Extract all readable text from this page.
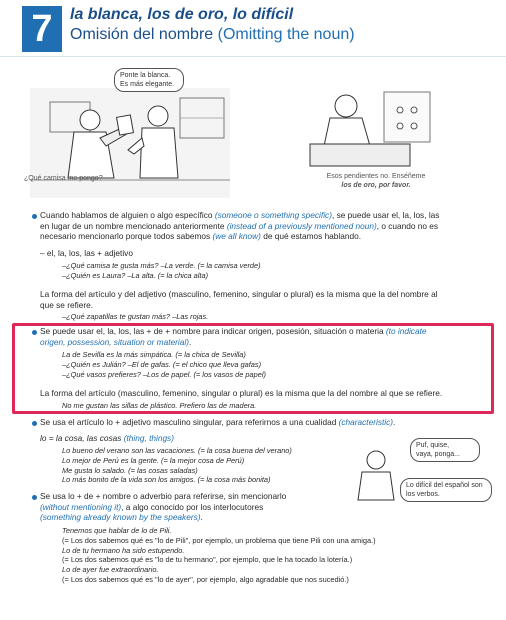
7	la blanca, los de oro, lo difícil
Omisión del nombre (Omitting the noun)
Ponte la blanca.
Es más elegante.
¿Qué camisa me pongo?	Esos pendientes no. Enséñeme
los de oro, por favor.
Cuando hablamos de alguien o algo específico (someone o something specific), se puede usar el, la, los, las
en lugar de un nombre mencionado anteriormente (instead of a previously mentioned noun), o cuando no es
necesario mencionarlo porque todos sabemos (we all know) de qué estamos hablando.
– el, la, los, las + adjetivo
–¿Qué camisa te gusta más? –La verde. (= la camisa verde)
–¿Quién es Laura? –La alta. (= la chica alta)
La forma del artículo y del adjetivo (masculino, femenino, singular o plural) es la misma que la del nombre al
que se refiere.
–¿Qué zapatillas te gustan más? –Las rojas.
Se puede usar el, la, los, las + de + nombre para indicar origen, posesión, situación o materia (to indicate
origen, possession, situation or material).
La de Sevilla es la más simpática. (= la chica de Sevilla)
–¿Quién es Julián? –El de gafas. (= el chico que lleva gafas)
–¿Qué vasos prefieres? –Los de papel. (= los vasos de papel)
La forma del artículo (masculino, femenino, singular o plural) es la misma que la del nombre al que se refiere.
No me gustan las sillas de plástico. Prefiero las de madera.
Se usa el artículo lo + adjetivo masculino singular, para referirnos a una cualidad (characteristic).
lo = la cosa, las cosas (thing, things)
Lo bueno del verano son las vacaciones. (= la cosa buena del verano)
Lo mejor de Perú es la gente. (= la mejor cosa de Perú)
Me gusta lo salado. (= las cosas saladas)
Lo más bonito de la vida son los amigos. (= la cosa más bonita)
Puf, quise,
vaya, ponga...
Lo difícil del español son
los verbos.
Se usa lo + de + nombre o adverbio para referirse, sin mencionarlo
(without mentioning it), a algo conocido por los interlocutores
(something already known by the speakers).
Tenemos que hablar de lo de Pili.
(= Los dos sabemos qué es "lo de Pili", por ejemplo, un problema que tiene Pili con una amiga.)
Lo de tu hermano ha sido estupendo.
(= Los dos sabemos qué es "lo de tu hermano", por ejemplo, que le ha tocado la lotería.)
Lo de ayer fue extraordinario.
(= Los dos sabemos qué es "lo de ayer", por ejemplo, algo agradable que nos sucedió.)
